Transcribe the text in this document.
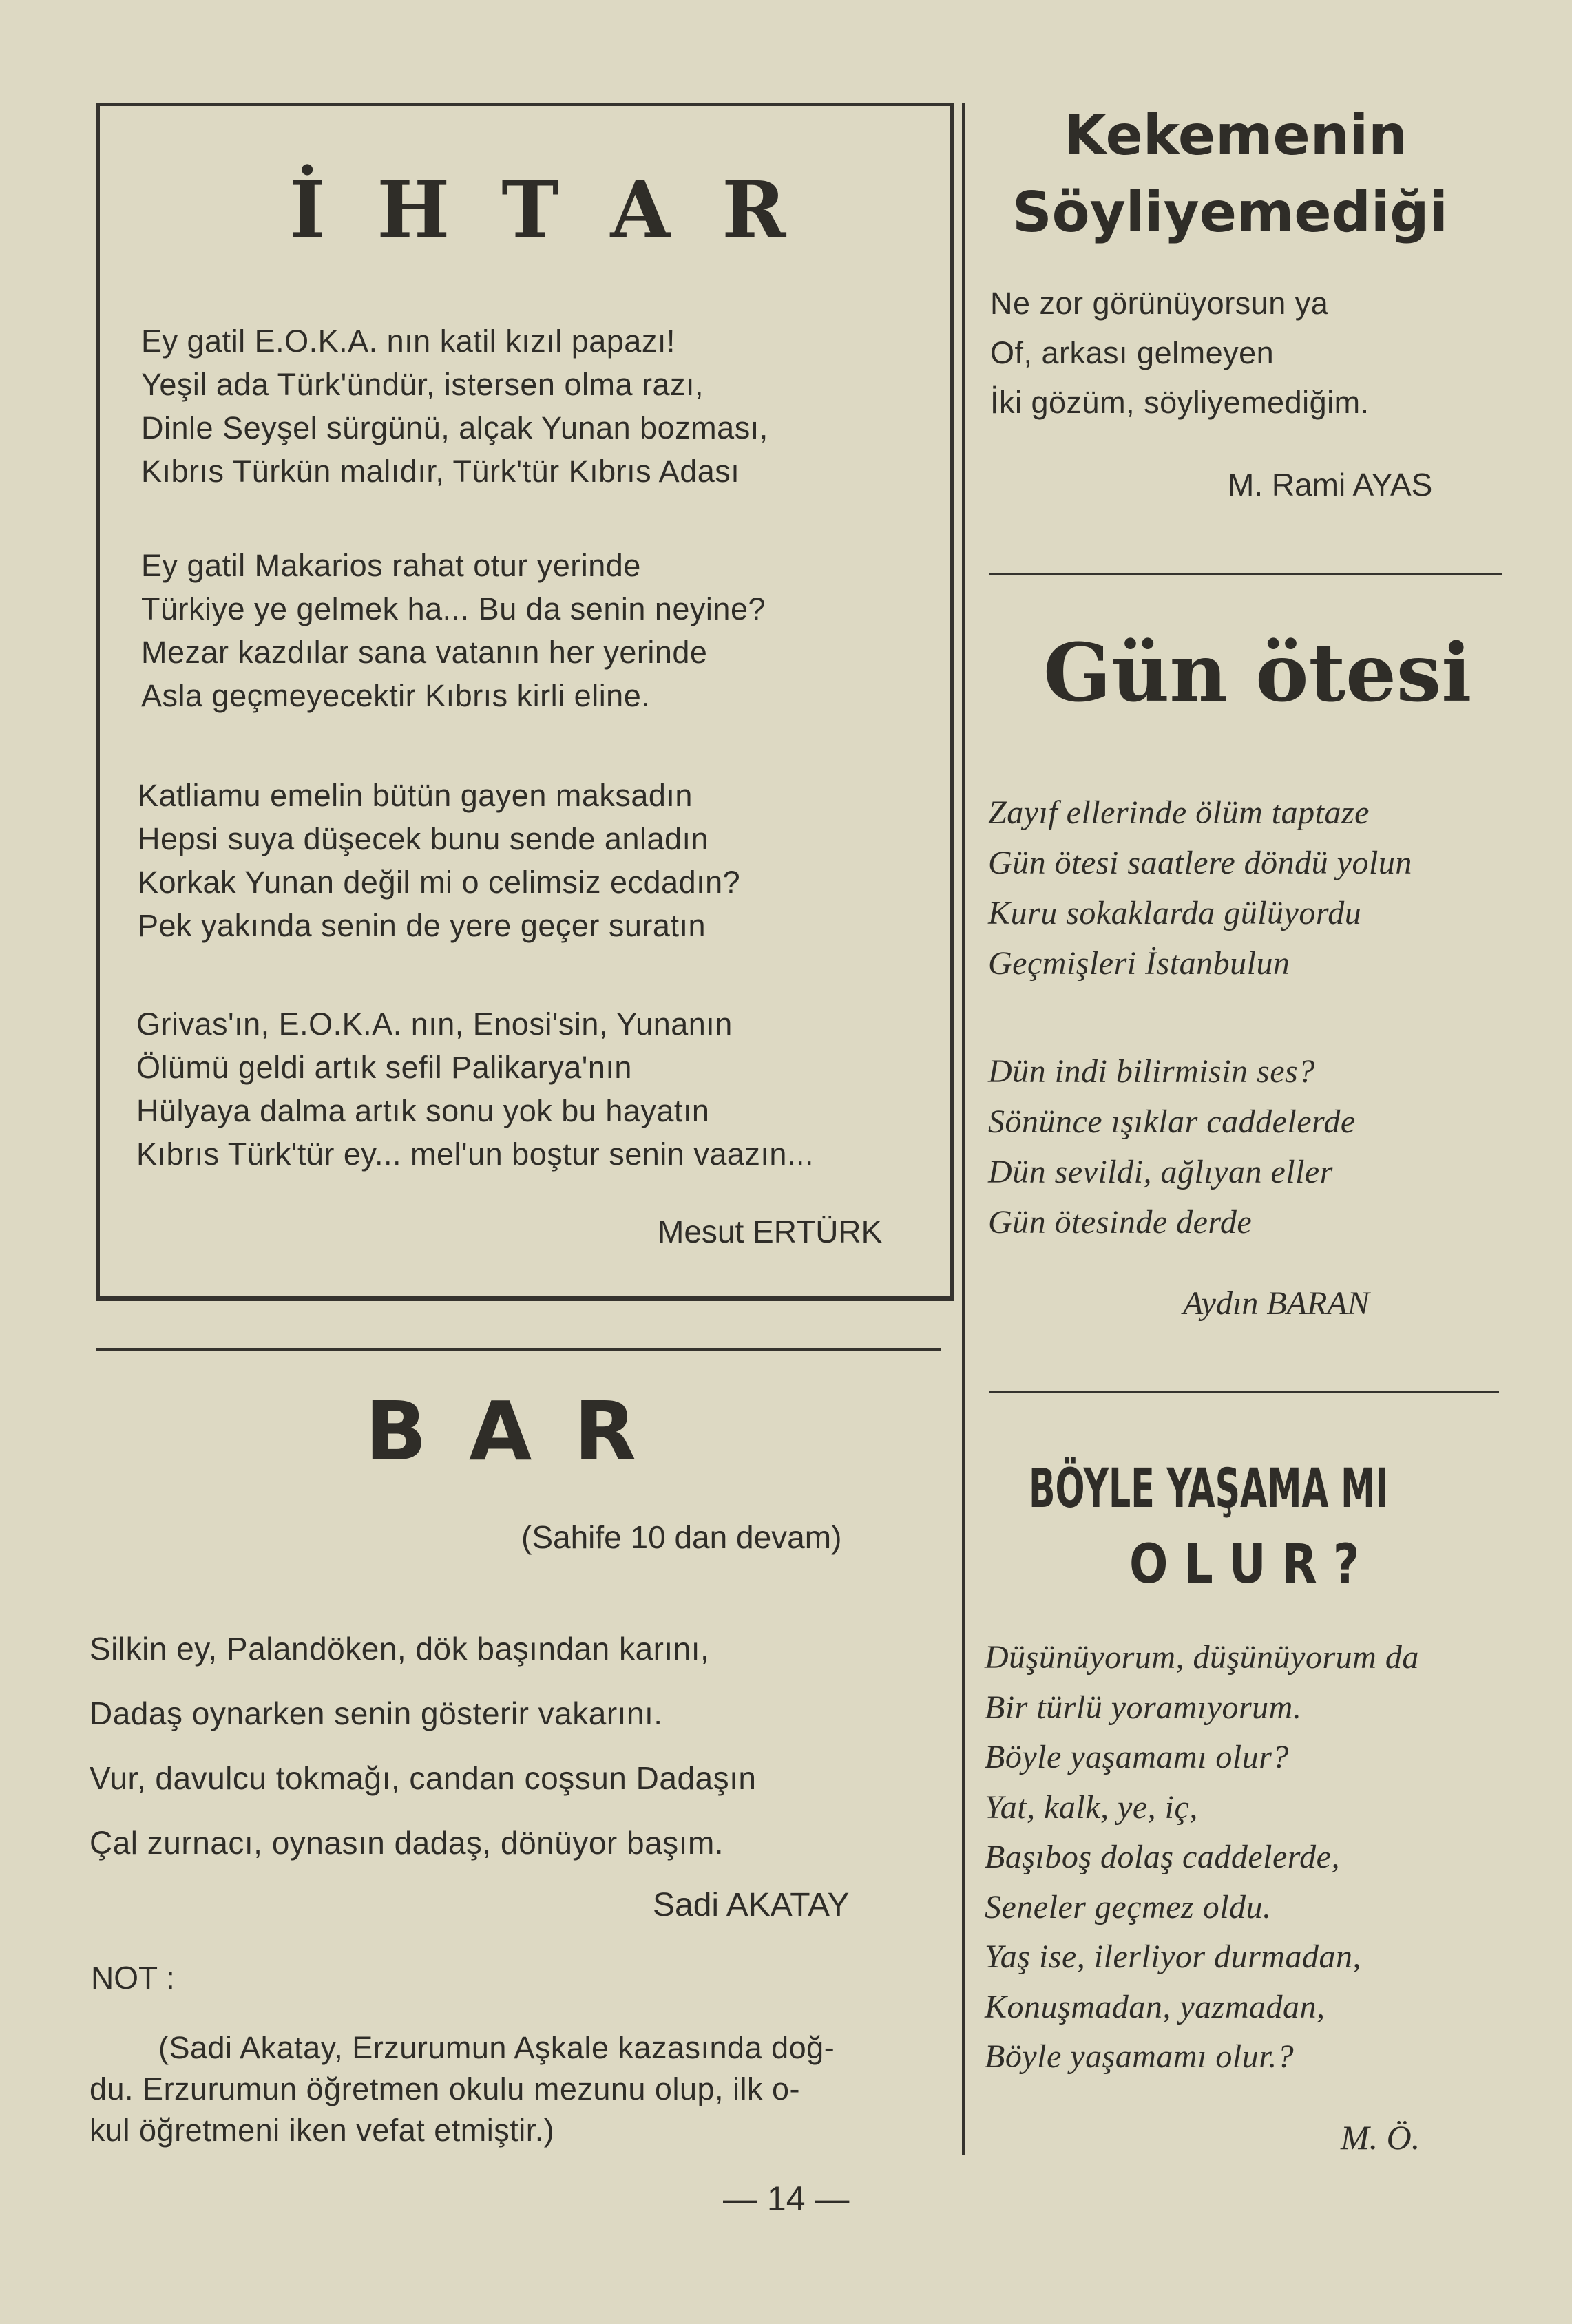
İ H T A R
Ey gatil E.O.K.A. nın katil kızıl papazı!
Yeşil ada Türk'ündür, istersen olma razı,
Dinle Seyşel sürgünü, alçak Yunan bozması,
Kıbrıs Türkün malıdır, Türk'tür Kıbrıs Adası
Ey gatil Makarios rahat otur yerinde
Türkiye ye gelmek ha... Bu da senin neyine?
Mezar kazdılar sana vatanın her yerinde
Asla geçmeyecektir Kıbrıs kirli eline.
Katliamu emelin bütün gayen maksadın
Hepsi suya düşecek bunu sende anladın
Korkak Yunan değil mi o celimsiz ecdadın?
Pek yakında senin de yere geçer suratın
Grivas'ın, E.O.K.A. nın, Enosi'sin, Yunanın
Ölümü geldi artık sefil Palikarya'nın
Hülyaya dalma artık sonu yok bu hayatın
Kıbrıs Türk'tür ey... mel'un boştur senin vaazın...
Mesut ERTÜRK
B A R
(Sahife 10 dan devam)
Silkin ey, Palandöken, dök başından karını,
Dadaş oynarken senin gösterir vakarını.
Vur, davulcu tokmağı, candan coşsun Dadaşın
Çal zurnacı, oynasın dadaş, dönüyor başım.
Sadi AKATAY
NOT :
(Sadi Akatay, Erzurumun Aşkale kazasında doğ-
du. Erzurumun öğretmen okulu mezunu olup, ilk o-
kul öğretmeni iken vefat etmiştir.)
Kekemenin
Söyliyemediği
Ne zor görünüyorsun ya
Of, arkası gelmeyen
İki gözüm, söyliyemediğim.
M. Rami AYAS
Gün ötesi
Zayıf ellerinde ölüm taptaze
Gün ötesi saatlere döndü yolun
Kuru sokaklarda gülüyordu
Geçmişleri İstanbulun
Dün indi bilirmisin ses?
Sönünce ışıklar caddelerde
Dün sevildi, ağlıyan eller
Gün ötesinde derde
Aydın BARAN
BÖYLE YAŞAMA MI
O L U R ?
Düşünüyorum, düşünüyorum da
Bir türlü yoramıyorum.
Böyle yaşamamı olur?
Yat, kalk, ye, iç,
Başıboş dolaş caddelerde,
Seneler geçmez oldu.
Yaş ise, ilerliyor durmadan,
Konuşmadan, yazmadan,
Böyle yaşamamı olur.?
M. Ö.
— 14 —
